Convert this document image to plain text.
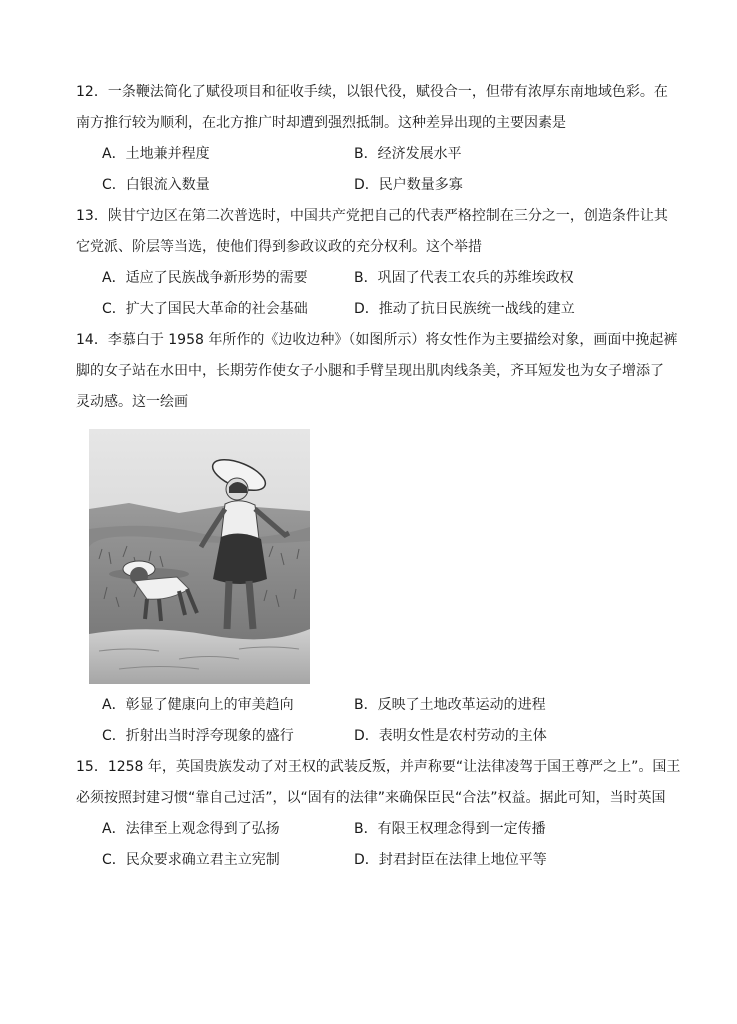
12．一条鞭法简化了赋役项目和征收手续，以银代役，赋役合一，但带有浓厚东南地域色彩。在
南方推行较为顺利，在北方推广时却遭到强烈抵制。这种差异出现的主要因素是
A．土地兼并程度	B．经济发展水平
C．白银流入数量	D．民户数量多寡
13．陕甘宁边区在第二次普选时，中国共产党把自己的代表严格控制在三分之一，创造条件让其
它党派、阶层等当选，使他们得到参政议政的充分权利。这个举措
A．适应了民族战争新形势的需要	B．巩固了代表工农兵的苏维埃政权
C．扩大了国民大革命的社会基础	D．推动了抗日民族统一战线的建立
14．李慕白于 1958 年所作的《边收边种》（如图所示）将女性作为主要描绘对象，画面中挽起裤
脚的女子站在水田中，长期劳作使女子小腿和手臂呈现出肌肉线条美，齐耳短发也为女子增添了
灵动感。这一绘画
A．彰显了健康向上的审美趋向	B．反映了土地改革运动的进程
C．折射出当时浮夸现象的盛行	D．表明女性是农村劳动的主体
15．1258 年，英国贵族发动了对王权的武装反叛，并声称要“让法律凌驾于国王尊严之上”。国王
必须按照封建习惯“靠自己过活”，以“固有的法律”来确保臣民“合法”权益。据此可知，当时英国
A．法律至上观念得到了弘扬	B．有限王权理念得到一定传播
C．民众要求确立君主立宪制	D．封君封臣在法律上地位平等
